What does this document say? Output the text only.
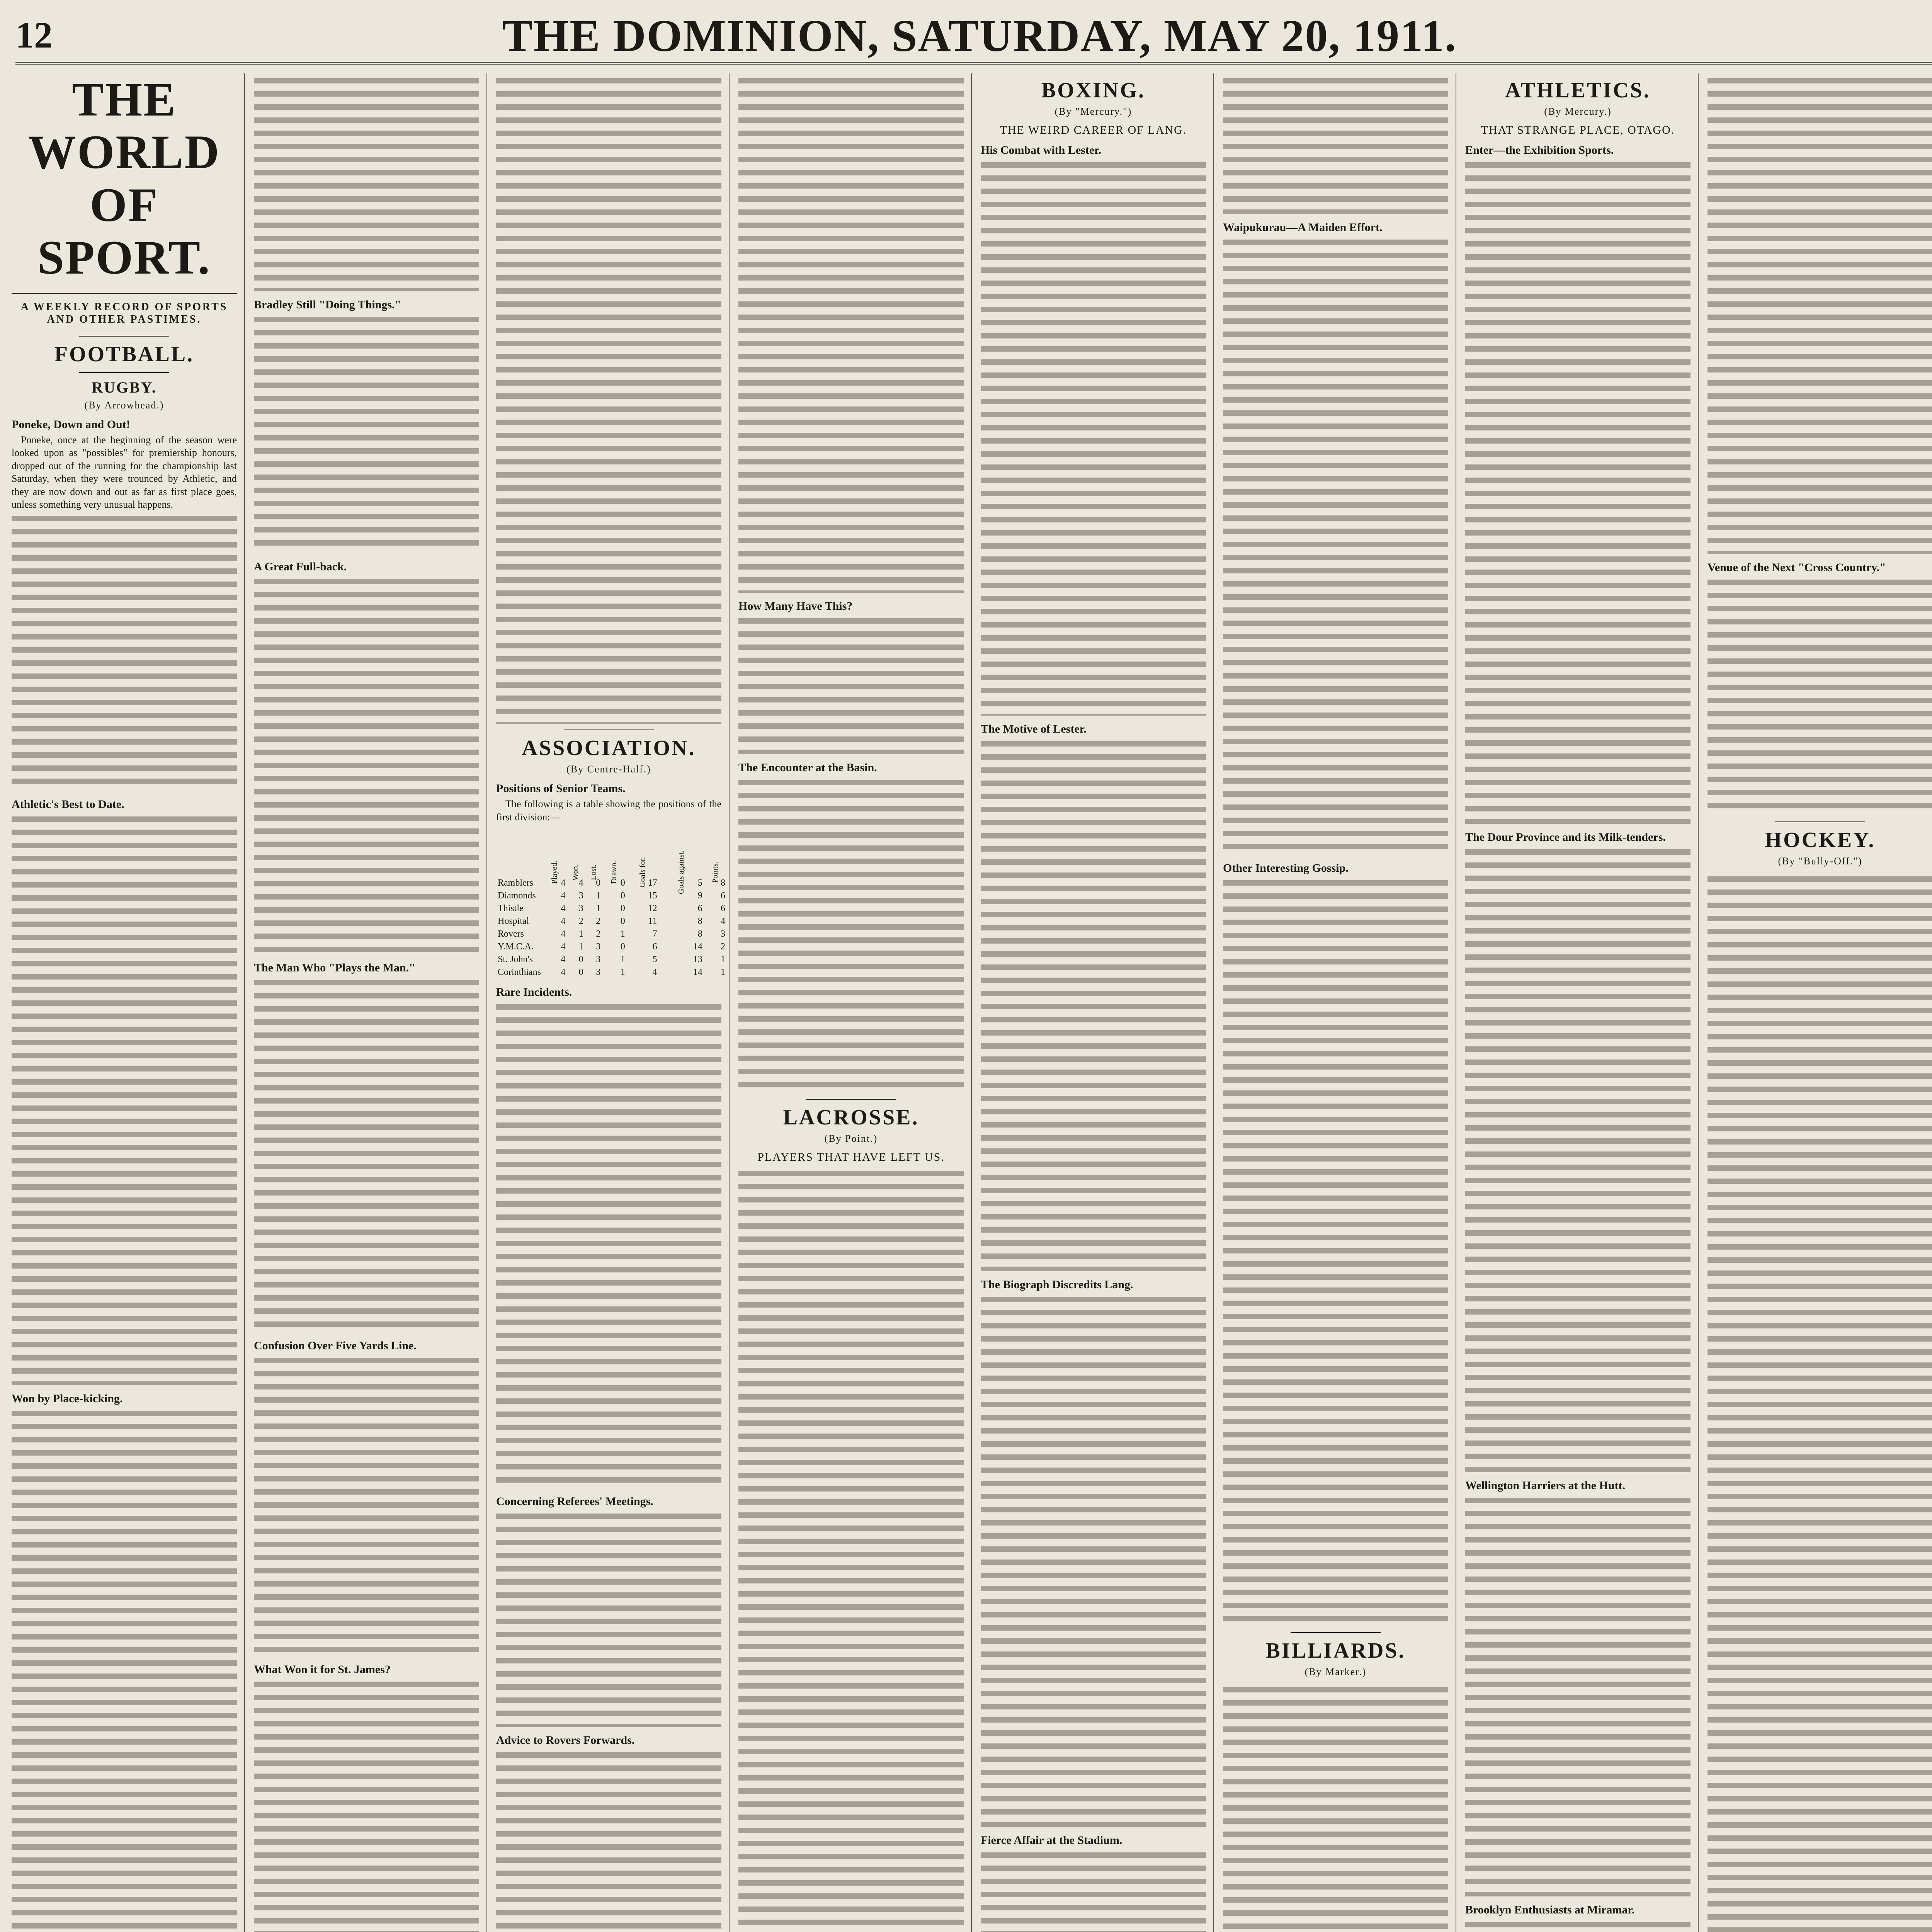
12	THE DOMINION, SATURDAY, MAY 20, 1911.
THE WORLD OF SPORT.
A WEEKLY RECORD OF SPORTS AND OTHER PASTIMES.
FOOTBALL.
RUGBY.
(By Arrowhead.)
Poneke, Down and Out!

Poneke, once at the beginning of the season were looked upon as "possibles" for premiership honours, dropped out of the running for the championship last Saturday, when they were trounced by Athletic, and they are now down and out as far as first place goes, unless something very unusual happens.

Athletic's Best to Date.
Won by Place-kicking.
Bradley Still "Doing Things."
A Great Full-back.
The Man Who "Plays the Man."
Confusion Over Five Yards Line.
What Won it for St. James?
ASSOCIATION.
(By Centre-Half.)
Positions of Senior Teams.

The following is a table showing the positions of the first division:—

	Played.	Won.	Lost.	Drawn.	Goals for.	Goals against.	Points.
Ramblers	4	4	0	0	17	5	8
Diamonds	4	3	1	0	15	9	6
Thistle	4	3	1	0	12	6	6
Hospital	4	2	2	0	11	8	4
Rovers	4	1	2	1	7	8	3
Y.M.C.A.	4	1	3	0	6	14	2
St. John's	4	0	3	1	5	13	1
Corinthians	4	0	3	1	4	14	1
Rare Incidents.
Concerning Referees' Meetings.
Advice to Rovers Forwards.
How Many Have This?
The Encounter at the Basin.
LACROSSE.
(By Point.)
PLAYERS THAT HAVE LEFT US.
BOXING.
(By "Mercury.")
THE WEIRD CAREER OF LANG.
His Combat with Lester.
The Motive of Lester.
The Biograph Discredits Lang.
Fierce Affair at the Stadium.
Waipukurau—A Maiden Effort.
Other Interesting Gossip.
BILLIARDS.
(By Marker.)
ATHLETICS.
(By Mercury.)
THAT STRANGE PLACE, OTAGO.
Enter—the Exhibition Sports.
The Dour Province and its Milk-tenders.
Wellington Harriers at the Hutt.
Brooklyn Enthusiasts at Miramar.
Venue of the Next "Cross Country."
HOCKEY.
(By "Bully-Off.")
